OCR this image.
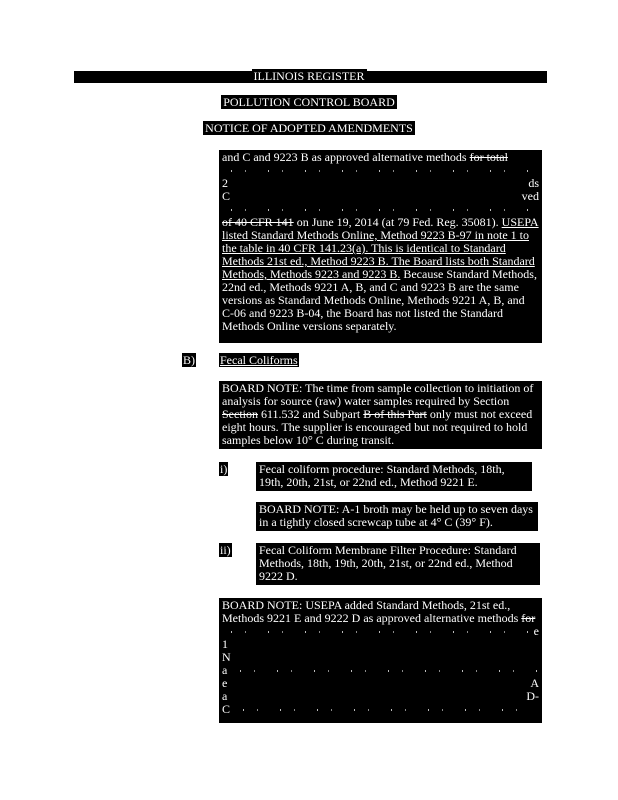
ILLINOIS REGISTER
POLLUTION CONTROL BOARD
NOTICE OF ADOPTED AMENDMENTS

and C and 9223 B as approved alternative methods for total

2	ds

C	ved

of 40 CFR 141 on June 19, 2014 (at 79 Fed. Reg. 35081). USEPA listed Standard Methods Online, Method 9223 B-97 in note 1 to the table in 40 CFR 141.23(a). This is identical to Standard Methods 21st ed., Method 9223 B. The Board lists both Standard Methods, Methods 9223 and 9223 B. Because Standard Methods, 22nd ed., Methods 9221 A, B, and C and 9223 B are the same versions as Standard Methods Online, Methods 9221 A, B, and C-06 and 9223 B-04, the Board has not listed the Standard Methods Online versions separately.

B) Fecal Coliforms

BOARD NOTE: The time from sample collection to initiation of analysis for source (raw) water samples required by Section Section 611.532 and Subpart B of this Part only must not exceed eight hours. The supplier is encouraged but not required to hold samples below 10° C during transit.

i)	Fecal coliform procedure: Standard Methods, 18th, 19th, 20th, 21st, or 22nd ed., Method 9221 E.

BOARD NOTE: A-1 broth may be held up to seven days in a tightly closed screwcap tube at 4° C (39° F).

ii) Fecal Coliform Membrane Filter Procedure: Standard Methods, 18th, 19th, 20th, 21st, or 22nd ed., Method 9222 D.

BOARD NOTE: USEPA added Standard Methods, 21st ed.,

Methods 9221 E and 9222 D as approved alternative methods for

e

1

N

a

e	A

a	D-

C
